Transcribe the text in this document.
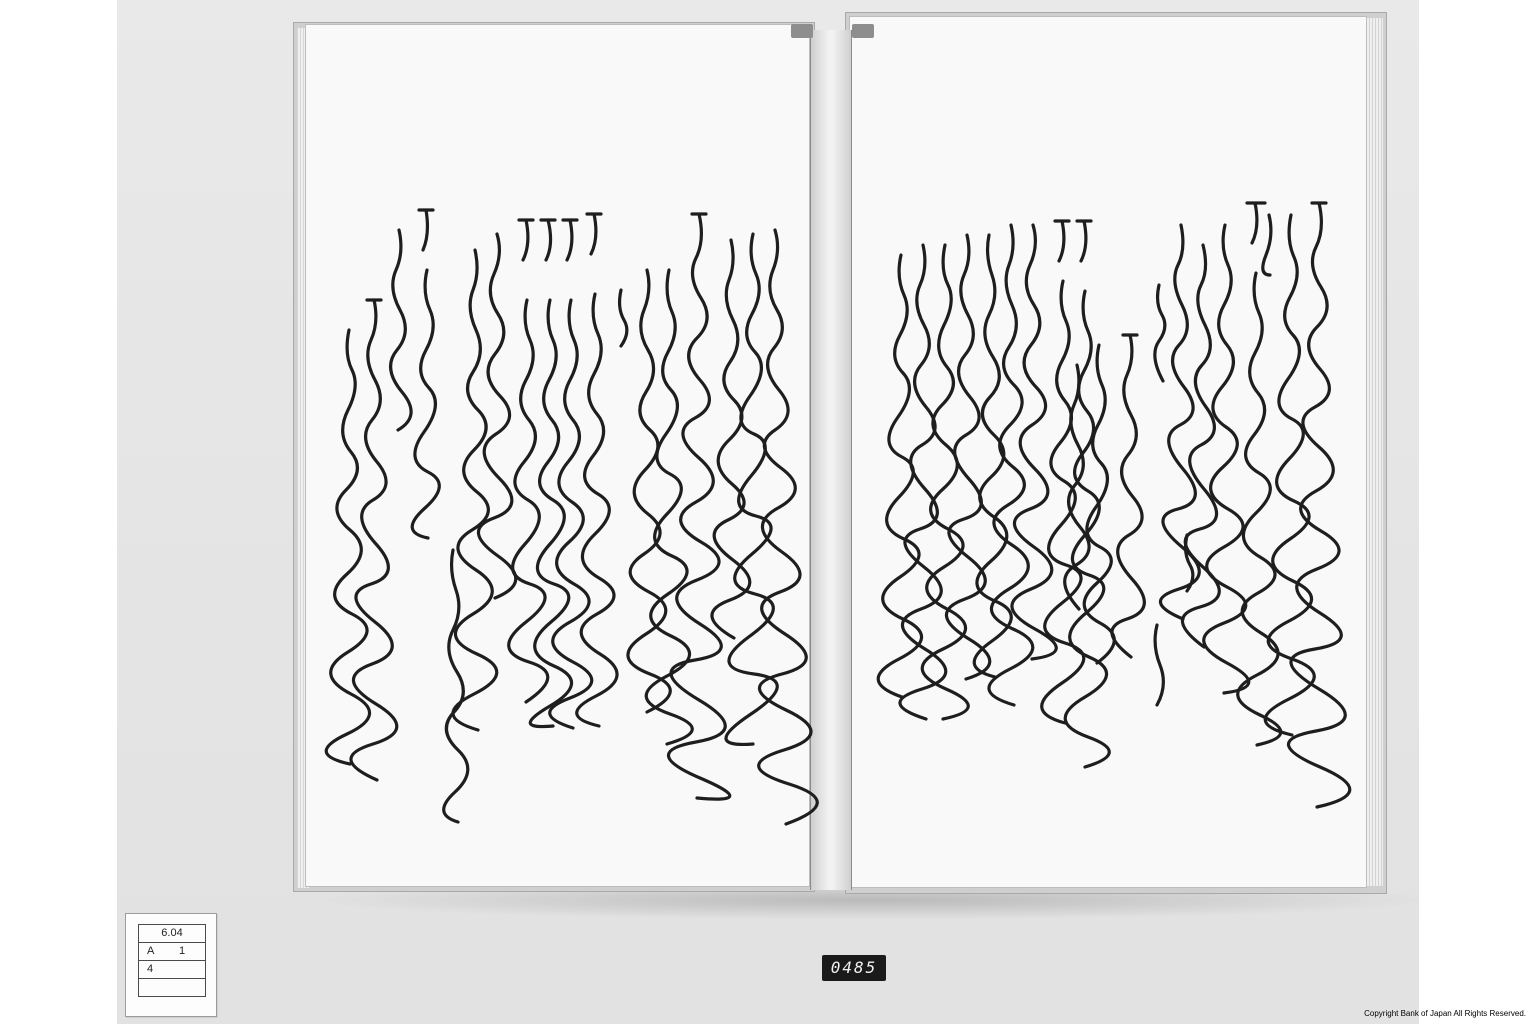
6.04
A 1
4	0485
Copyright Bank of Japan All Rights Reserved.
